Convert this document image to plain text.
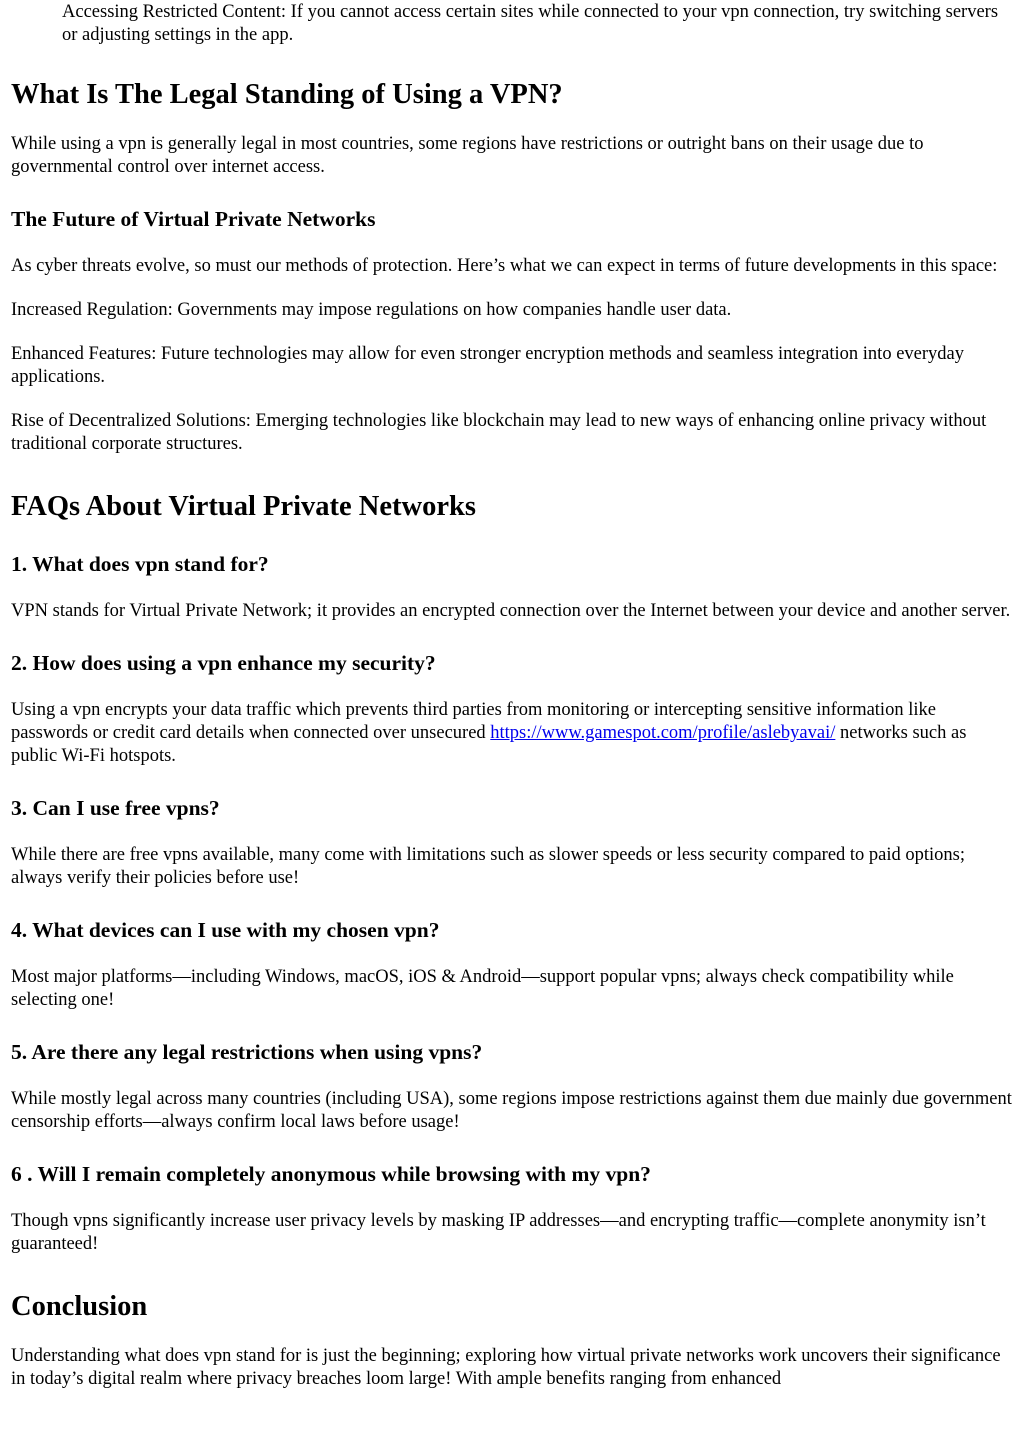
Accessing Restricted Content: If you cannot access certain sites while connected to your vpn connection, try switching servers or adjusting settings in the app.

What Is The Legal Standing of Using a VPN?

While using a vpn is generally legal in most countries, some regions have restrictions or outright bans on their usage due to governmental control over internet access.

The Future of Virtual Private Networks

As cyber threats evolve, so must our methods of protection. Here’s what we can expect in terms of future developments in this space:

Increased Regulation: Governments may impose regulations on how companies handle user data.

Enhanced Features: Future technologies may allow for even stronger encryption methods and seamless integration into everyday applications.

Rise of Decentralized Solutions: Emerging technologies like blockchain may lead to new ways of enhancing online privacy without traditional corporate structures.

FAQs About Virtual Private Networks
1. What does vpn stand for?

VPN stands for Virtual Private Network; it provides an encrypted connection over the Internet between your device and another server.

2. How does using a vpn enhance my security?

Using a vpn encrypts your data traffic which prevents third parties from monitoring or intercepting sensitive information like passwords or credit card details when connected over unsecured https://www.gamespot.com/profile/aslebyavai/ networks such as public Wi-Fi hotspots.

3. Can I use free vpns?

While there are free vpns available, many come with limitations such as slower speeds or less security compared to paid options; always verify their policies before use!

4. What devices can I use with my chosen vpn?

Most major platforms—including Windows, macOS, iOS & Android—support popular vpns; always check compatibility while selecting one!

5. Are there any legal restrictions when using vpns?

While mostly legal across many countries (including USA), some regions impose restrictions against them due mainly due government censorship efforts—always confirm local laws before usage!

6 . Will I remain completely anonymous while browsing with my vpn?

Though vpns significantly increase user privacy levels by masking IP addresses—and encrypting traffic—complete anonymity isn’t guaranteed!

Conclusion

Understanding what does vpn stand for is just the beginning; exploring how virtual private networks work uncovers their significance in today’s digital realm where privacy breaches loom large! With ample benefits ranging from enhanced
